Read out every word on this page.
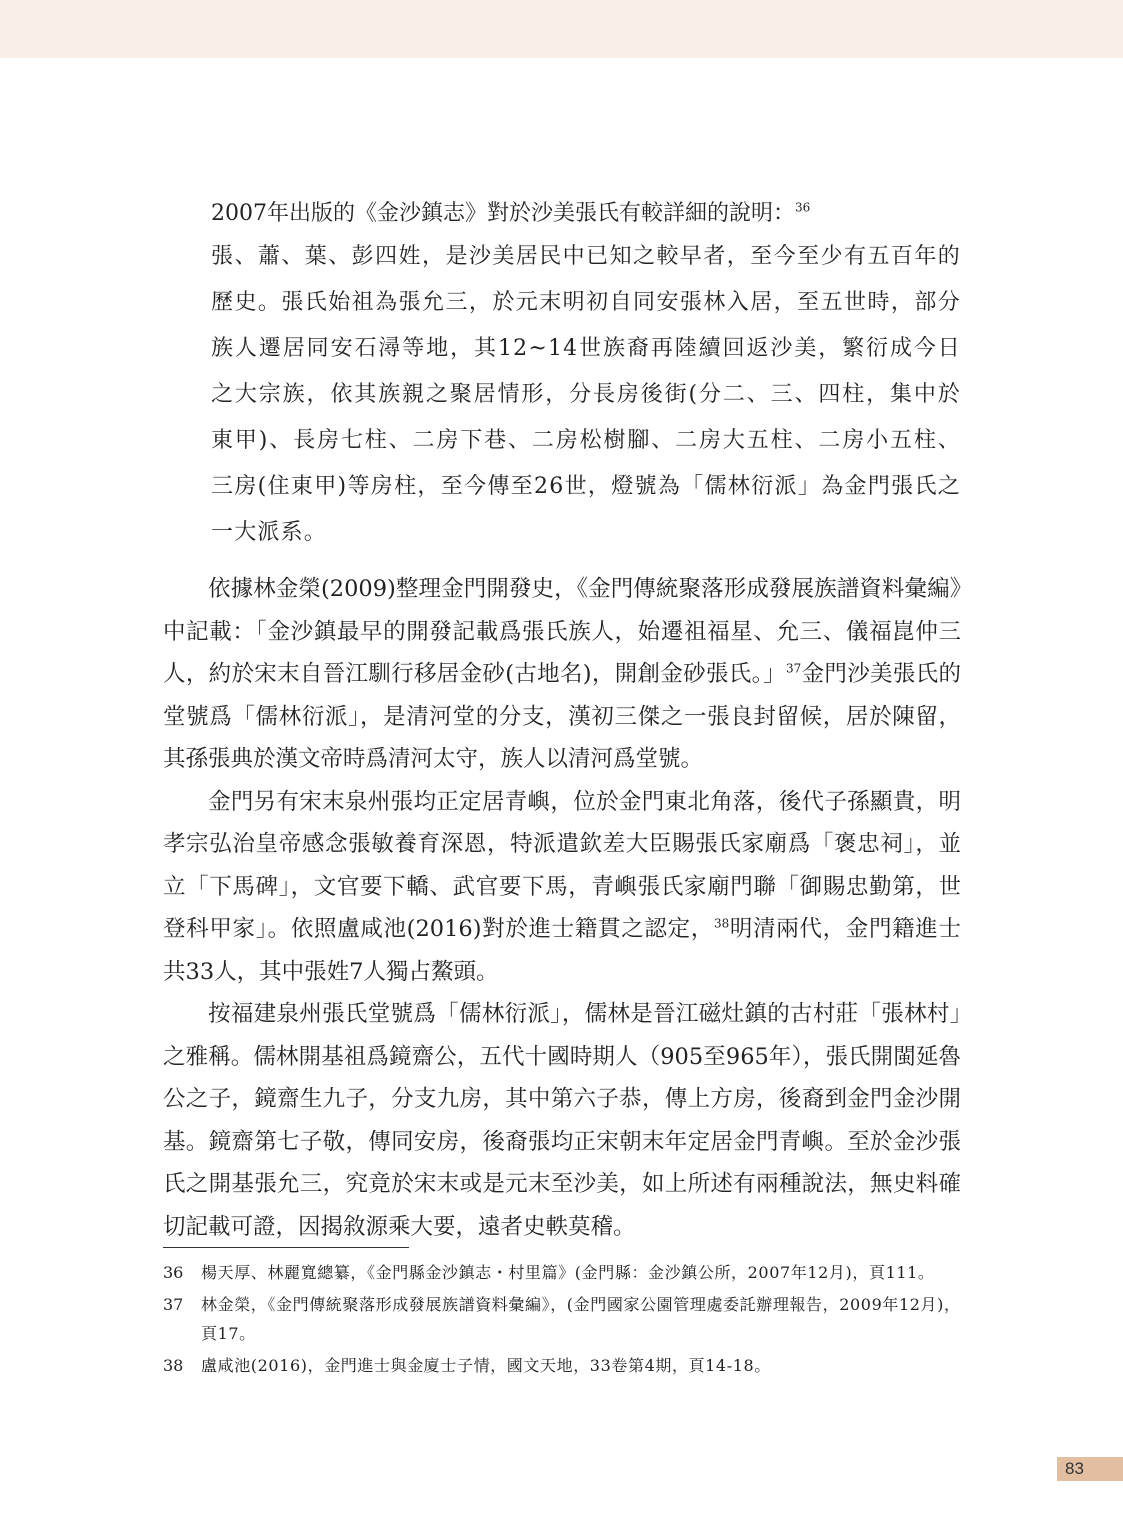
2007年出版的《金沙鎮志》對於沙美張氏有較詳細的說明：$^{36}$

張、蕭、葉、彭四姓，是沙美居民中已知之較早者，至今至少有五百年的歷史。張氏始祖為張允三，於元末明初自同安張林入居，至五世時，部分族人遷居同安石潯等地，其12~14世族裔再陸續回返沙美，繁衍成今日之大宗族，依其族親之聚居情形，分長房後街(分二、三、四柱，集中於東甲)、長房七柱、二房下巷、二房松樹腳、二房大五柱、二房小五柱、三房(住東甲)等房柱，至今傳至26世，燈號為「儒林衍派」為金門張氏之一大派系。

依據林金榮(2009)整理金門開發史，《金門傳統聚落形成發展族譜資料彙編》中記載：「金沙鎮最早的開發記載爲張氏族人，始遷祖福星、允三、儀福崑仲三人，約於宋末自晉江馴行移居金砂(古地名)，開創金砂張氏。」$^{37}$金門沙美張氏的堂號爲「儒林衍派」，是清河堂的分支，漢初三傑之一張良封留候，居於陳留，其孫張典於漢文帝時爲清河太守，族人以清河爲堂號。

金門另有宋末泉州張均正定居青嶼，位於金門東北角落，後代子孫顯貴，明孝宗弘治皇帝感念張敏養育深恩，特派遣欽差大臣賜張氏家廟爲「褒忠祠」，並立「下馬碑」，文官要下轎、武官要下馬，青嶼張氏家廟門聯「御賜忠勤第，世登科甲家」。依照盧咸池(2016)對於進士籍貫之認定，$^{38}$明清兩代，金門籍進士共33人，其中張姓7人獨占鰲頭。

按福建泉州張氏堂號爲「儒林衍派」，儒林是晉江磁灶鎮的古村莊「張林村」之雅稱。儒林開基祖爲鏡齋公，五代十國時期人（905至965年），張氏開閩延魯公之子，鏡齋生九子，分支九房，其中第六子恭，傳上方房，後裔到金門金沙開基。鏡齋第七子敬，傳同安房，後裔張均正宋朝末年定居金門青嶼。至於金沙張氏之開基張允三，究竟於宋末或是元末至沙美，如上所述有兩種說法，無史料確切記載可證，因揭敘源乘大要，遠者史軼莫稽。

36	楊天厚、林麗寬總纂，《金門縣金沙鎮志・村里篇》(金門縣：金沙鎮公所，2007年12月)，頁111。
37	林金榮，《金門傳統聚落形成發展族譜資料彙編》，(金門國家公園管理處委託辦理報告，2009年12月)，頁17。
38	盧咸池(2016)，金門進士與金廈士子情，國文天地，33卷第4期，頁14-18。
83
